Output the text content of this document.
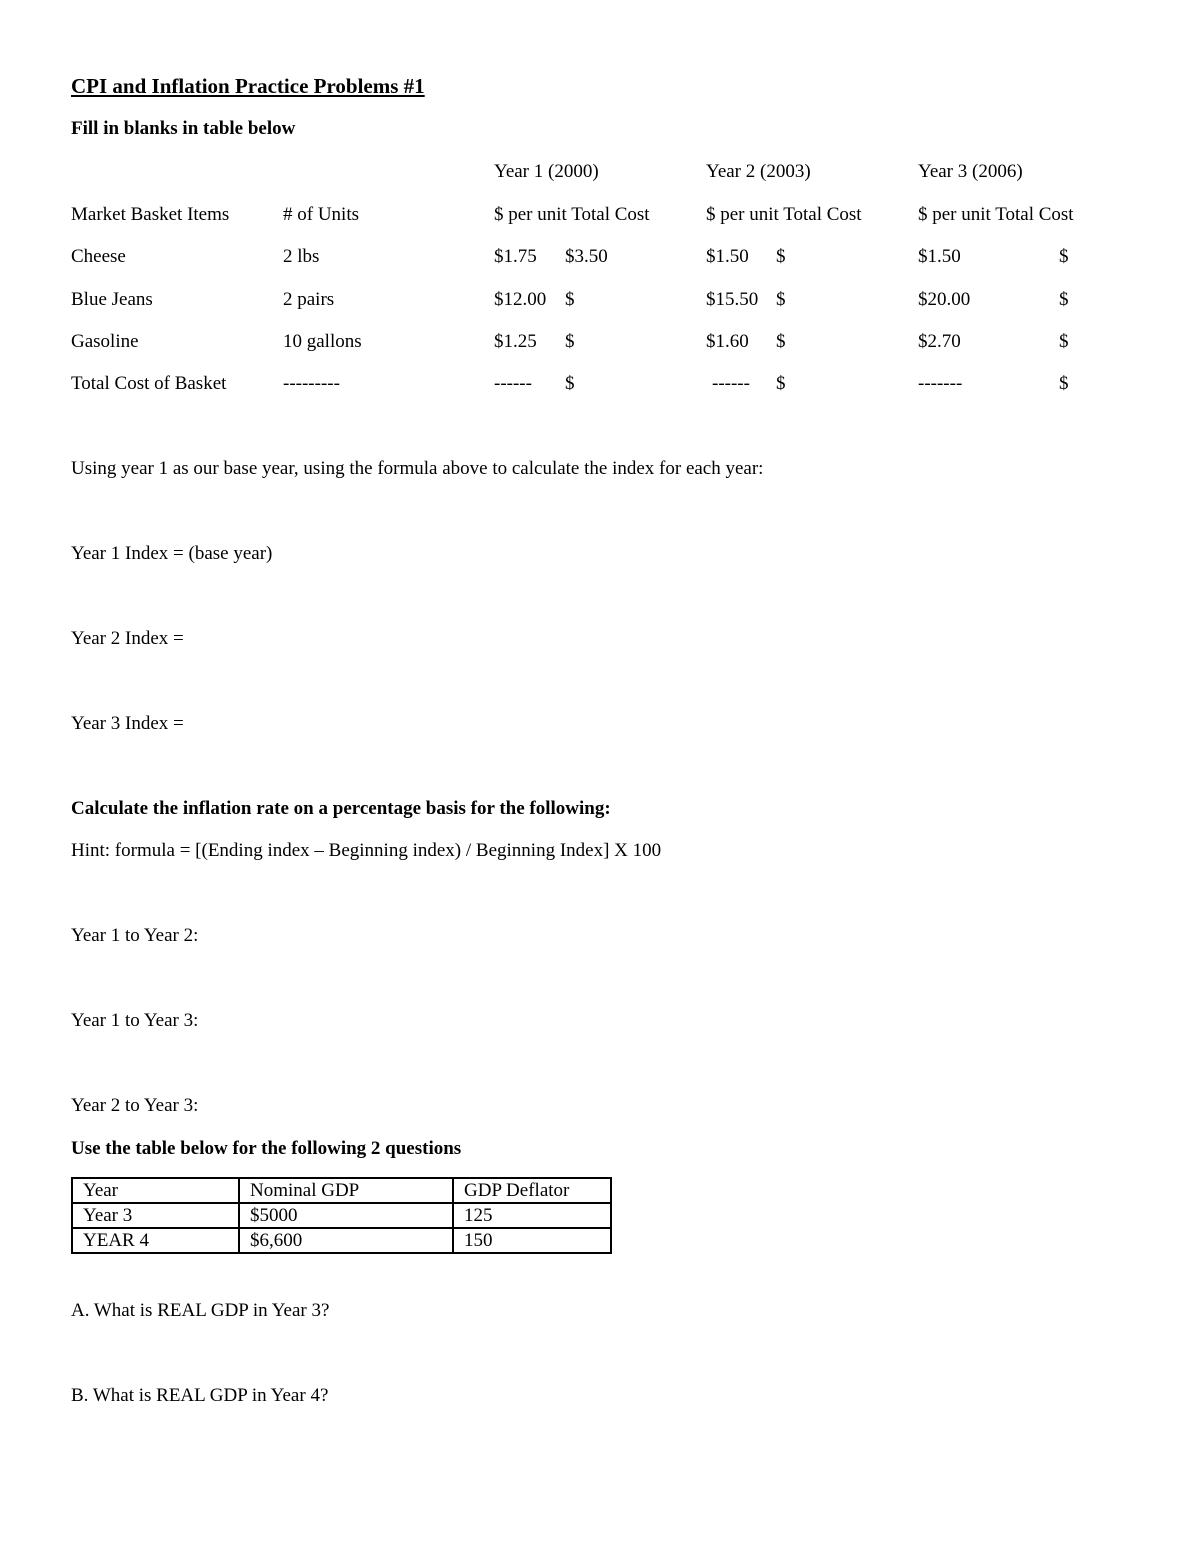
CPI and Inflation Practice Problems #1
Fill in blanks in table below
Year 1 (2000)	Year 2 (2003)	Year 3 (2006)
Market Basket Items	# of Units	$ per unit Total Cost	$ per unit Total Cost	$ per unit Total Cost
Cheese	2 lbs	$1.75 $3.50	$1.50 $	$1.50	$
Blue Jeans	2 pairs	$12.00 $	$15.50 $	$20.00	$
Gasoline	10 gallons	$1.25 $	$1.60 $	$2.70	$
Total Cost of Basket	---------	------ $	------ $	-------	$
Using year 1 as our base year, using the formula above to calculate the index for each year:
Year 1 Index = (base year)
Year 2 Index =
Year 3 Index =
Calculate the inflation rate on a percentage basis for the following:
Hint: formula = [(Ending index – Beginning index) / Beginning Index] X 100
Year 1 to Year 2:
Year 1 to Year 3:
Year 2 to Year 3:
Use the table below for the following 2 questions
Year	Nominal GDP	GDP Deflator
Year 3	$5000	125
YEAR 4	$6,600	150
A. What is REAL GDP in Year 3?
B. What is REAL GDP in Year 4?
